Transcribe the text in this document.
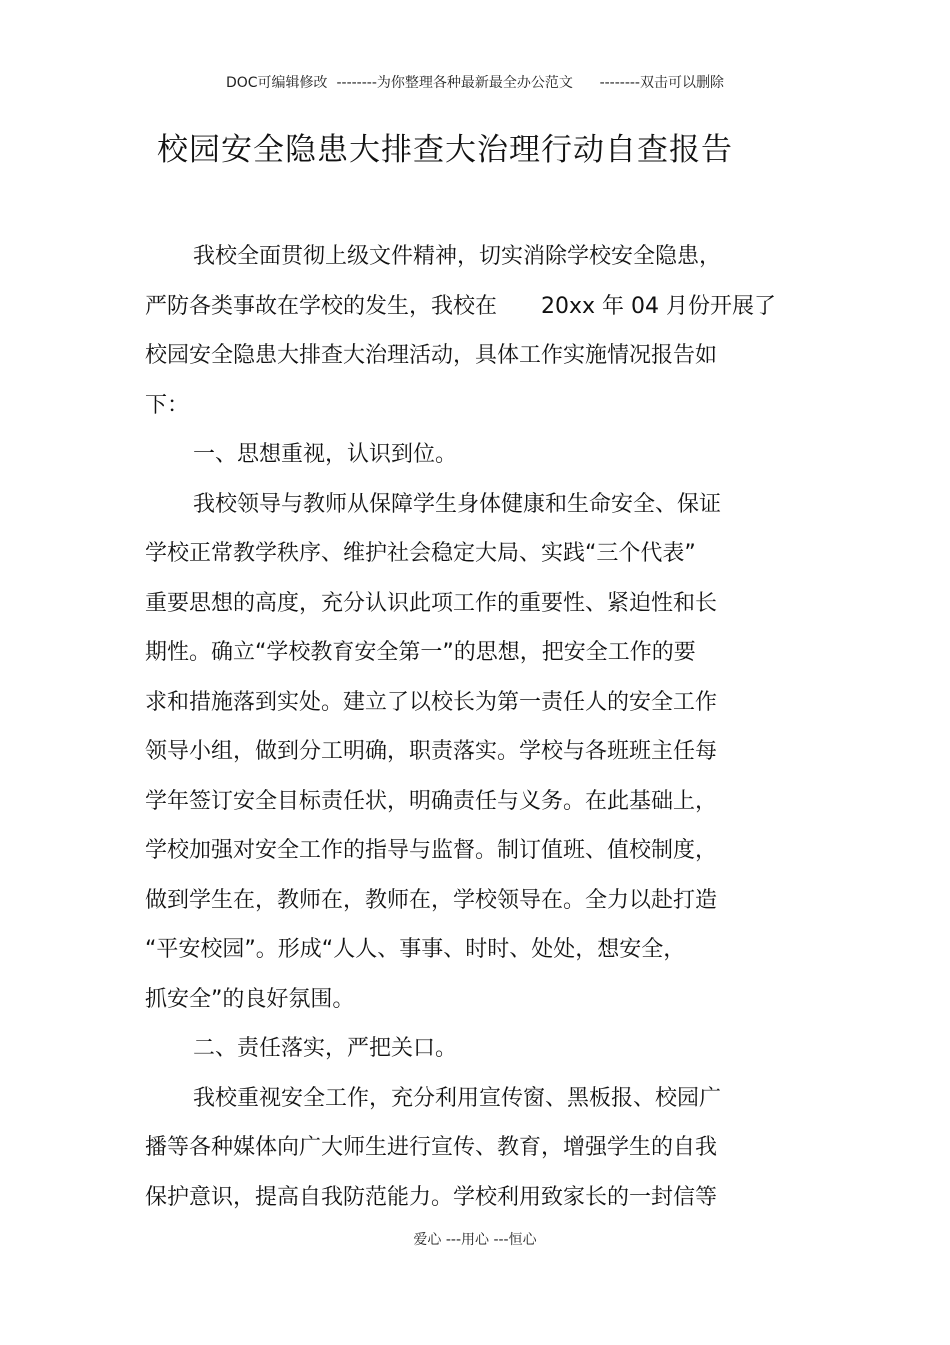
DOC可编辑修改  --------为你整理各种最新最全办公范文      --------双击可以删除
校园安全隐患大排查大治理行动自查报告
我校全面贯彻上级文件精神，切实消除学校安全隐患，
严防各类事故在学校的发生，我校在 20xx 年 04 月份开展了
校园安全隐患大排查大治理活动，具体工作实施情况报告如
下：
一、思想重视，认识到位。
我校领导与教师从保障学生身体健康和生命安全、保证
学校正常教学秩序、维护社会稳定大局、实践“三个代表”
重要思想的高度，充分认识此项工作的重要性、紧迫性和长
期性。确立“学校教育安全第一”的思想，把安全工作的要
求和措施落到实处。建立了以校长为第一责任人的安全工作
领导小组，做到分工明确，职责落实。学校与各班班主任每
学年签订安全目标责任状，明确责任与义务。在此基础上，
学校加强对安全工作的指导与监督。制订值班、值校制度，
做到学生在，教师在，教师在，学校领导在。全力以赴打造
“平安校园”。形成“人人、事事、时时、处处，想安全，
抓安全”的良好氛围。
二、责任落实，严把关口。
我校重视安全工作，充分利用宣传窗、黑板报、校园广
播等各种媒体向广大师生进行宣传、教育，增强学生的自我
保护意识，提高自我防范能力。学校利用致家长的一封信等
爱心 ---用心 ---恒心
